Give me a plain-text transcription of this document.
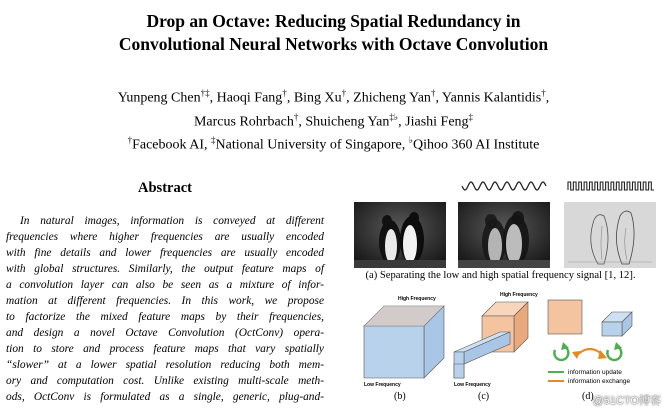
Drop an Octave: Reducing Spatial Redundancy in
Convolutional Neural Networks with Octave Convolution
Yunpeng Chen†‡, Haoqi Fang†, Bing Xu†, Zhicheng Yan†, Yannis Kalantidis†,
Marcus Rohrbach†, Shuicheng Yan‡♭, Jiashi Feng‡
†Facebook AI, ‡National University of Singapore, ♭Qihoo 360 AI Institute
Abstract
In natural images, information is conveyed at different
frequencies where higher frequencies are usually encoded
with fine details and lower frequencies are usually encoded
with global structures. Similarly, the output feature maps of
a convolution layer can also be seen as a mixture of infor-
mation at different frequencies. In this work, we propose
to factorize the mixed feature maps by their frequencies,
and design a novel Octave Convolution (OctConv) opera-
tion to store and process feature maps that vary spatially
“slower” at a lower spatial resolution reducing both mem-
ory and computation cost. Unlike existing multi-scale meth-
ods, OctConv is formulated as a single, generic, plug-and-
(a) Separating the low and high spatial frequency signal [1, 12].
High Frequency
Low Frequency
(b)
High Frequency
Low Frequency
(c)
information update
information exchange
(d)
@51CTO博客
